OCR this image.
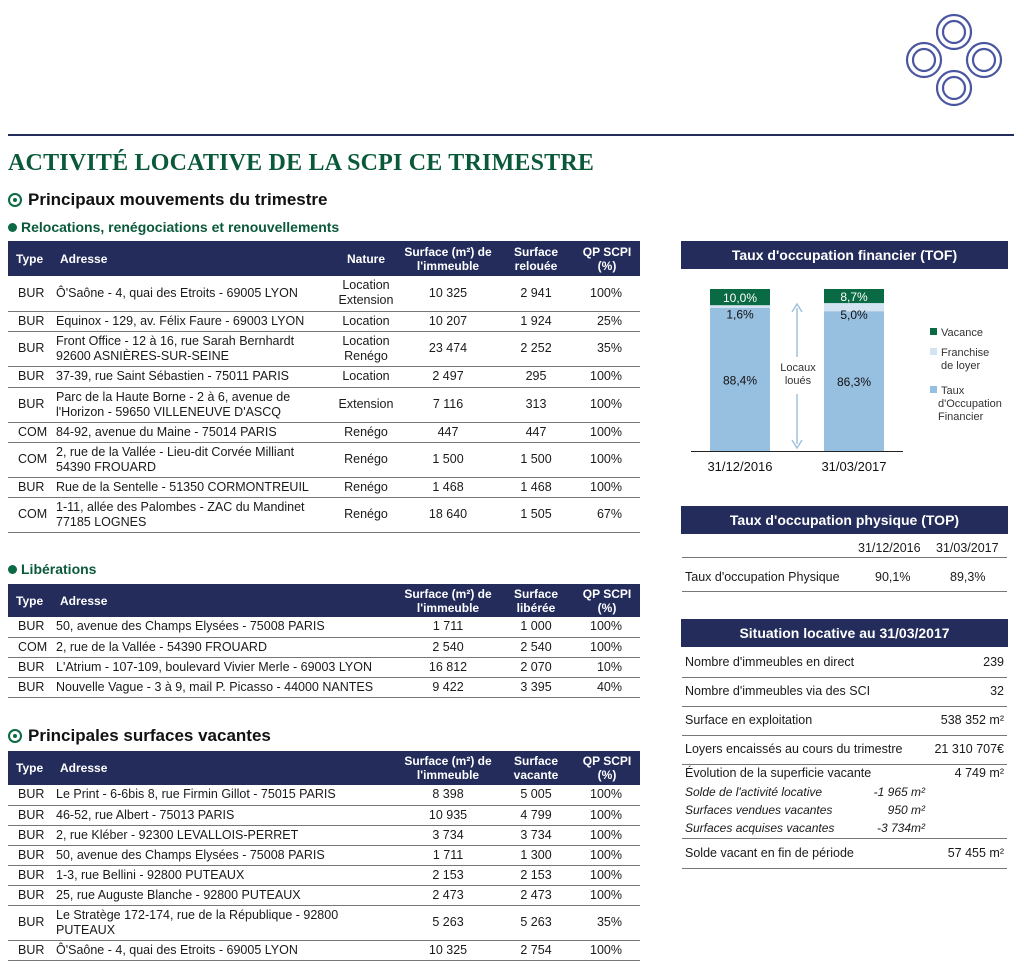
ACTIVITÉ LOCATIVE DE LA SCPI CE TRIMESTRE
Principaux mouvements du trimestre
Relocations, renégociations et renouvellements
Type	Adresse	Nature	Surface (m²) de l'immeuble	Surface relouée	QP SCPI (%)
BUR	Ô'Saône - 4, quai des Etroits - 69005 LYON	Location Extension	10 325	2 941	100%
BUR	Equinox - 129, av. Félix Faure - 69003 LYON	Location	10 207	1 924	25%
BUR	Front Office - 12 à 16, rue Sarah Bernhardt 92600 ASNIÈRES-SUR-SEINE	Location Renégo	23 474	2 252	35%
BUR	37-39, rue Saint Sébastien - 75011 PARIS	Location	2 497	295	100%
BUR	Parc de la Haute Borne - 2 à 6, avenue de l'Horizon - 59650 VILLENEUVE D'ASCQ	Extension	7 116	313	100%
COM	84-92, avenue du Maine - 75014 PARIS	Renégo	447	447	100%
COM	2, rue de la Vallée - Lieu-dit Corvée Milliant 54390 FROUARD	Renégo	1 500	1 500	100%
BUR	Rue de la Sentelle - 51350 CORMONTREUIL	Renégo	1 468	1 468	100%
COM	1-11, allée des Palombes - ZAC du Mandinet 77185 LOGNES	Renégo	18 640	1 505	67%
Libérations
Type	Adresse	Surface (m²) de l'immeuble	Surface libérée	QP SCPI (%)
BUR	50, avenue des Champs Elysées - 75008 PARIS	1 711	1 000	100%
COM	2, rue de la Vallée - 54390 FROUARD	2 540	2 540	100%
BUR	L'Atrium - 107-109, boulevard Vivier Merle - 69003 LYON	16 812	2 070	10%
BUR	Nouvelle Vague - 3 à 9, mail P. Picasso - 44000 NANTES	9 422	3 395	40%
Principales surfaces vacantes
Type	Adresse	Surface (m²) de l'immeuble	Surface vacante	QP SCPI (%)
BUR	Le Print - 6-6bis 8, rue Firmin Gillot - 75015 PARIS	8 398	5 005	100%
BUR	46-52, rue Albert - 75013 PARIS	10 935	4 799	100%
BUR	2, rue Kléber - 92300 LEVALLOIS-PERRET	3 734	3 734	100%
BUR	50, avenue des Champs Elysées - 75008 PARIS	1 711	1 300	100%
BUR	1-3, rue Bellini - 92800 PUTEAUX	2 153	2 153	100%
BUR	25, rue Auguste Blanche - 92800 PUTEAUX	2 473	2 473	100%
BUR	Le Stratège 172-174, rue de la République - 92800 PUTEAUX	5 263	5 263	35%
BUR	Ô'Saône - 4, quai des Etroits - 69005 LYON	10 325	2 754	100%
Taux d'occupation financier (TOF)
88,4%
1,6%
10,0%
31/12/2016
86,3%
5,0%
8,7%
31/03/2017
Vacance
Franchise de loyer
Taux d'Occupation Financier
Locaux loués
Taux d'occupation physique (TOP)
31/12/2016 31/03/2017
Taux d'occupation Physique	90,1%	89,3%
Situation locative au 31/03/2017
Nombre d'immeubles en direct	239
Nombre d'immeubles via des SCI	32
Surface en exploitation	538 352 m²
Loyers encaissés au cours du trimestre	21 310 707€
Évolution de la superficie vacante	4 749 m²
Solde de l'activité locative	-1 965 m²
Surfaces vendues vacantes	950 m²
Surfaces acquises vacantes	-3 734m²
Solde vacant en fin de période	57 455 m²
